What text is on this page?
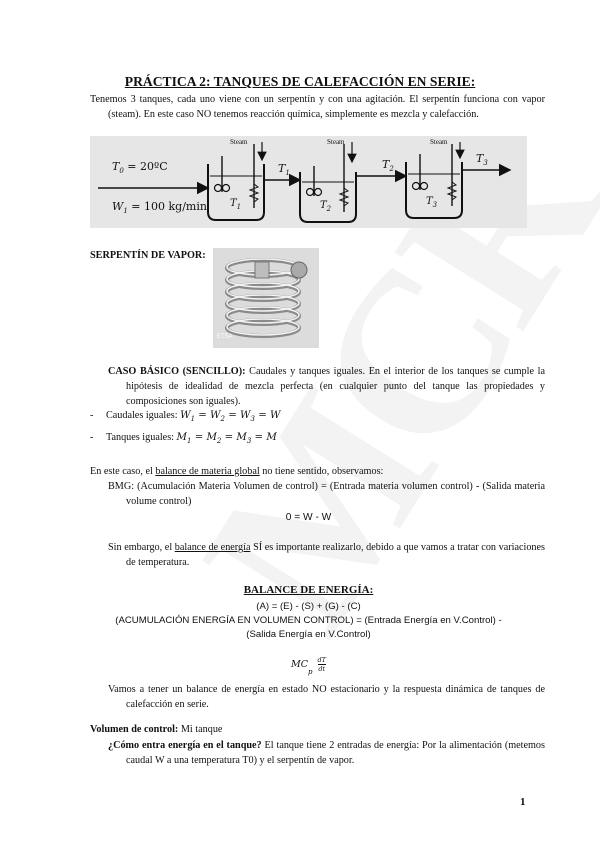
PRÁCTICA 2: TANQUES DE CALEFACCIÓN EN SERIE:
Tenemos 3 tanques, cada uno viene con un serpentín y con una agitación. El serpentín funciona con vapor (steam). En este caso NO tenemos reacción química, simplemente es mezcla y calefacción.
$T_0$ = 20ºC
$W_1 = 100$ kg/min
Steam	Steam	Steam
$T_1$
$T_1$
$T_2$
$T_2$
$T_3$
$T_3$
SERPENTÍN DE VAPOR:
ETSA
CASO BÁSICO (SENCILLO): Caudales y tanques iguales. En el interior de los tanques se cumple la hipótesis de idealidad de mezcla perfecta (en cualquier punto del tanque las propiedades y composiciones son iguales).
- Caudales iguales: $W_1 = W_2 = W_3 = W$
- Tanques iguales: $M_1 = M_2 = M_3 = M$
En este caso, el balance de materia global no tiene sentido, observamos:
BMG: (Acumulación Materia Volumen de control) = (Entrada materia volumen control) - (Salida materia volume control)
0 = W - W
Sin embargo, el balance de energía SÍ es importante realizarlo, debido a que vamos a tratar con variaciones de temperatura.
BALANCE DE ENERGÍA:
(A) = (E) - (S) + (G) - (C)
(ACUMULACIÓN ENERGÍA EN VOLUMEN CONTROL) = (Entrada Energía en V.Control) -
(Salida Energía en V.Control)
$MC_p \frac{dT}{dt}$
Vamos a tener un balance de energía en estado NO estacionario y la respuesta dinámica de tanques de calefacción en serie.
Volumen de control: Mi tanque
¿Cómo entra energía en el tanque? El tanque tiene 2 entradas de energía: Por la alimentación (metemos caudal W a una temperatura T0) y el serpentín de vapor.
1
